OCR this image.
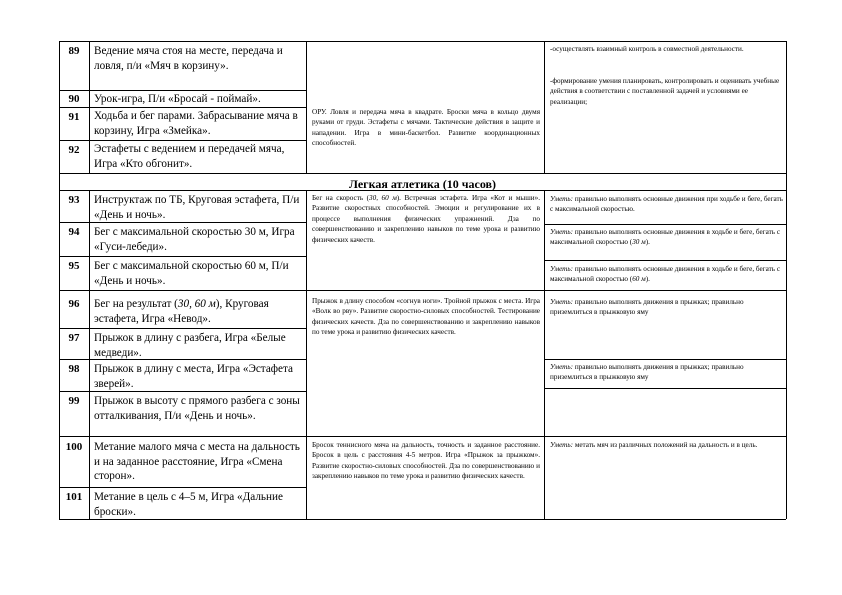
Легкая атлетика (10 часов)
89
90
91
92
93
94
95
96
97
98
99
100
101
Ведение мяча стоя на месте, передача и ловля, п/и «Мяч в корзину».
Урок-игра, П/и «Бросай - поймай».
Ходьба и бег парами. Забрасывание мяча в корзину, Игра «Змейка».
Эстафеты с ведением и передачей мяча, Игра «Кто обгонит».
Инструктаж по ТБ, Круговая эстафета, П/и «День и ночь».
Бег с максимальной скоростью 30 м, Игра «Гуси-лебеди».
Бег с максимальной скоростью 60 м, П/и «День и ночь».
Бег на результат (30, 60 м), Круговая эстафета, Игра «Невод».
Прыжок в длину с разбега, Игра «Белые медведи».
Прыжок в длину с места, Игра «Эстафета зверей».
Прыжок в высоту с прямого разбега с зоны отталкивания, П/и «День и ночь».
Метание малого мяча с места на дальность и на заданное расстояние, Игра «Смена сторон».
Метание в цель с 4–5 м, Игра «Дальние броски».
ОРУ. Ловля и передача мяча в квадрате. Броски мяча в кольцо двумя руками от груди. Эстафеты с мячами. Тактические действия в защите и нападении. Игра в мини-баскетбол. Развитие координационных способностей.
Бег на скорость (30, 60 м). Встречная эстафета. Игра «Кот и мыши». Развитие скоростных способностей. Эмоции и регулирование их в процессе выполнения физических упражнений. Дза по совершенствованию и закреплению навыков по теме урока и развитию физических качеств.
Прыжок в длину способом «согнув ноги». Тройной прыжок с места. Игра «Волк во рву». Развитие скоростно-силовых способностей. Тестирование физических качеств. Дза по совершенствованию и закреплению навыков по теме урока и развитию физических качеств.
Бросок теннисного мяча на дальность, точность и заданное расстояние. Бросок в цель с расстояния 4-5 метров. Игра «Прыжок за прыжком». Развитие скоростно-силовых способностей. Дза по совершенствованию и закреплению навыков по теме урока и развитию физических качеств.
-осуществлять взаимный контроль в совместной деятельности.
-формирование умения планировать, контролировать и оценивать учебные действия в соответствии с поставленной задачей и условиями ее реализации;
Уметь: правильно выполнять основные движения при ходьбе и беге, бегать с максимальной скоростью.
Уметь: правильно выполнять основные движения в ходьбе и беге, бегать с максимальной скоростью (30 м).
Уметь: правильно выполнять основные движения в ходьбе и беге, бегать с максимальной скоростью (60 м).
Уметь: правильно выполнять движения в прыжках; правильно приземлиться в прыжковую яму
Уметь: правильно выполнять движения в прыжках; правильно приземлиться в прыжковую яму
Уметь: метать мяч из различных положений на дальность и в цель.
